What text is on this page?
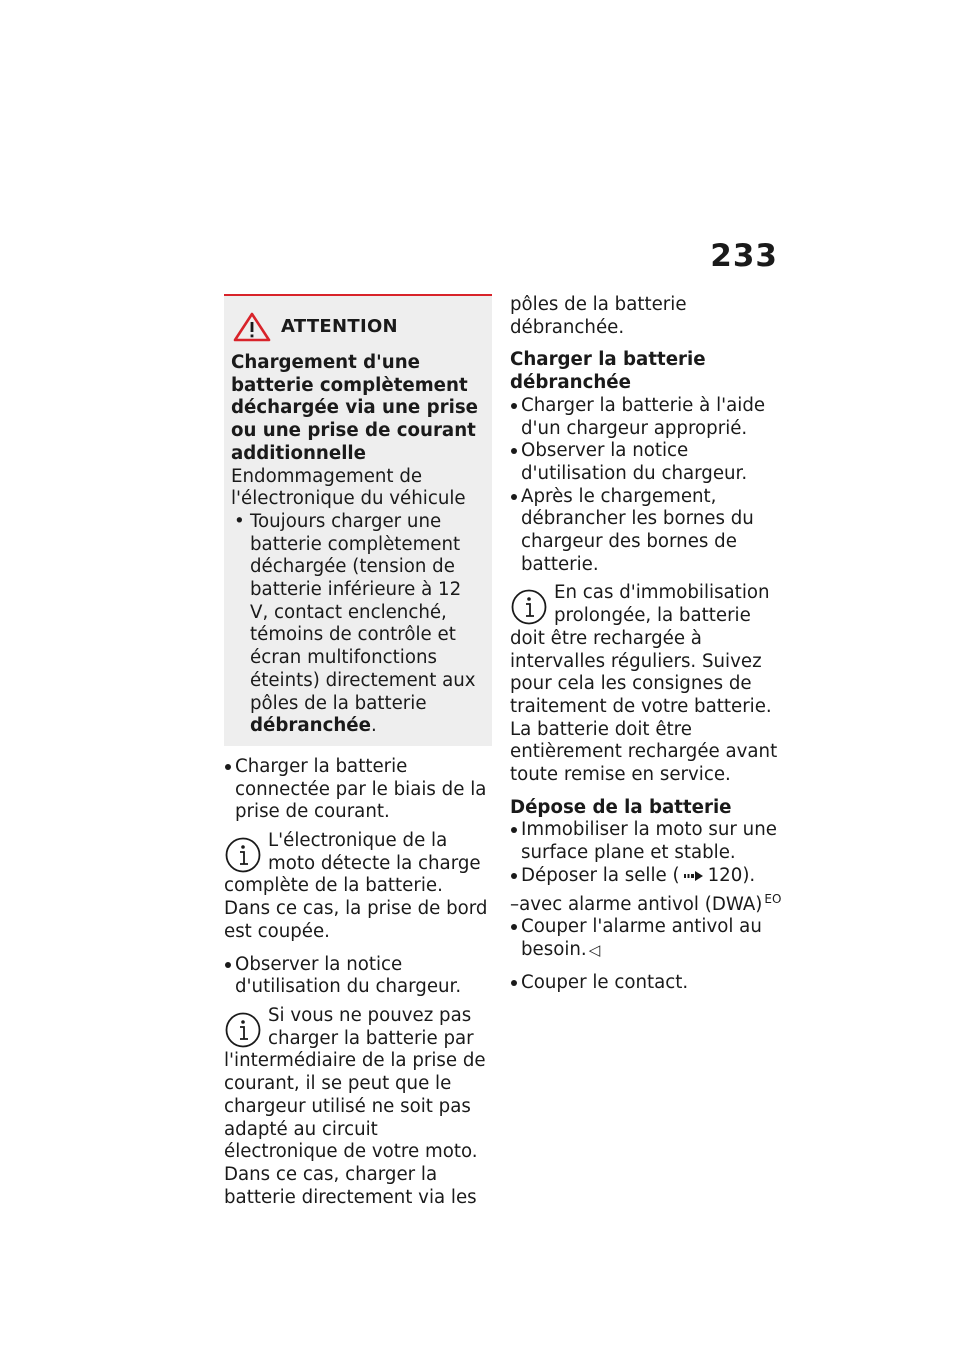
233
ATTENTION
Chargement d'une batterie complètement déchargée via une prise ou une prise de courant additionnelle
Endommagement de l'électronique du véhicule
• Toujours charger une batterie complètement déchargée (tension de batterie inférieure à 12 V, contact enclenché, témoins de contrôle et écran multifonctions éteints) directement aux pôles de la batterie débranchée.
Charger la batterie connectée par le biais de la prise de courant.
L'électronique de la moto détecte la charge complète de la batterie. Dans ce cas, la prise de bord est coupée.
Observer la notice d'utilisation du chargeur.
Si vous ne pouvez pas charger la batterie par l'intermédiaire de la prise de courant, il se peut que le chargeur utilisé ne soit pas adapté au circuit électronique de votre moto. Dans ce cas, charger la batterie directement via les
pôles de la batterie débranchée.
Charger la batterie débranchée
Charger la batterie à l'aide d'un chargeur approprié.
Observer la notice d'utilisation du chargeur.
Après le chargement, débrancher les bornes du chargeur des bornes de batterie.
En cas d'immobilisation prolongée, la batterie doit être rechargée à intervalles réguliers. Suivez pour cela les consignes de traitement de votre batterie. La batterie doit être entièrement rechargée avant toute remise en service.
Dépose de la batterie
Immobiliser la moto sur une surface plane et stable.
Déposer la selle ( 120).
–avec alarme antivol (DWA) $^{EO}$
Couper l'alarme antivol au besoin. ◁
Couper le contact.
